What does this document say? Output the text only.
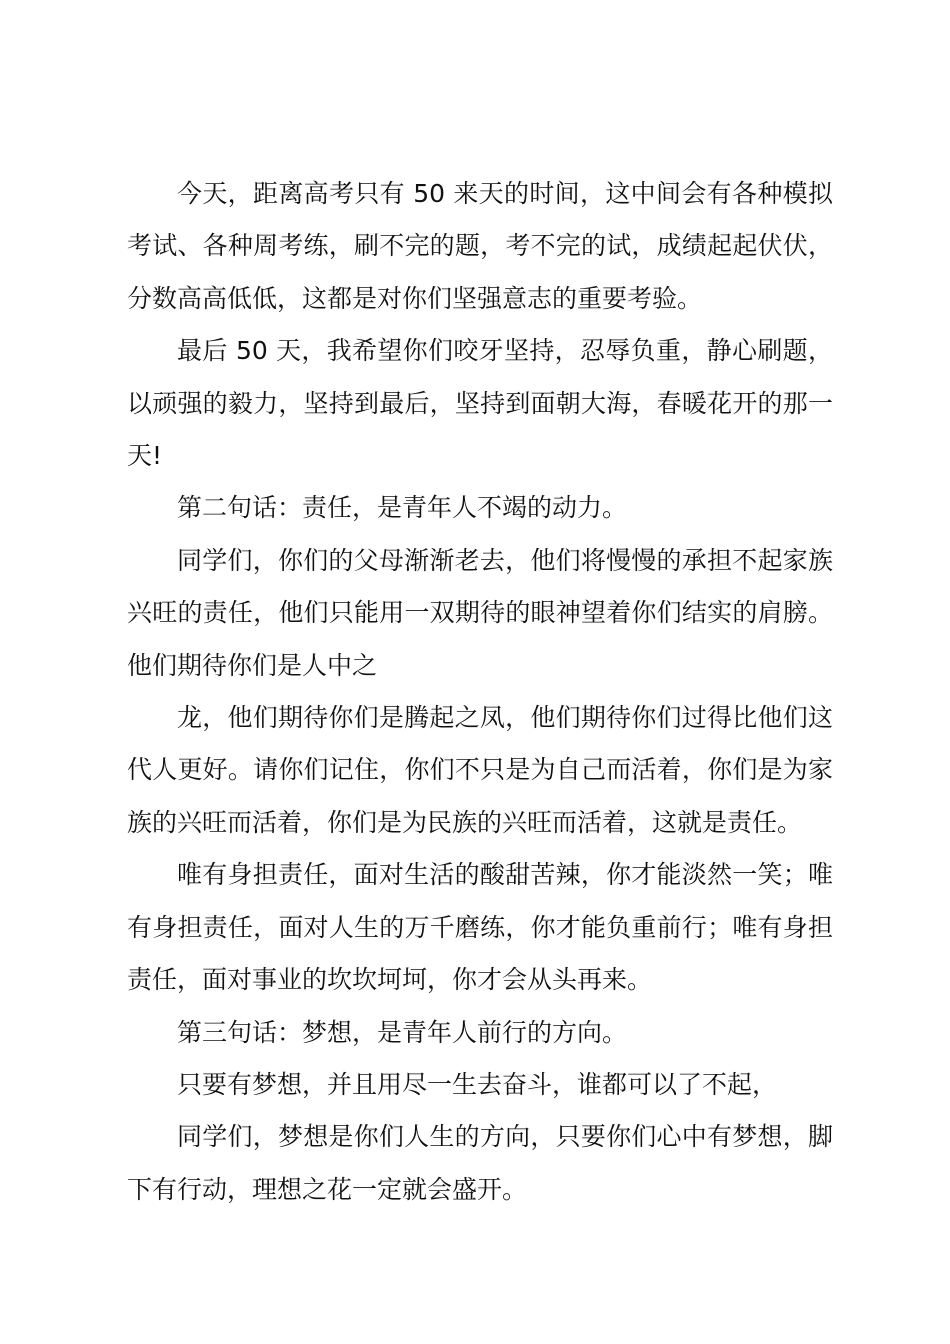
今天，距离高考只有 50 来天的时间，这中间会有各种模拟考试、各种周考练，刷不完的题，考不完的试，成绩起起伏伏，分数高高低低，这都是对你们坚强意志的重要考验。

最后 50 天，我希望你们咬牙坚持，忍辱负重，静心刷题，以顽强的毅力，坚持到最后，坚持到面朝大海，春暖花开的那一天!

第二句话：责任，是青年人不竭的动力。

同学们，你们的父母渐渐老去，他们将慢慢的承担不起家族兴旺的责任，他们只能用一双期待的眼神望着你们结实的肩膀。他们期待你们是人中之

龙，他们期待你们是腾起之凤，他们期待你们过得比他们这代人更好。请你们记住，你们不只是为自己而活着，你们是为家族的兴旺而活着，你们是为民族的兴旺而活着，这就是责任。

唯有身担责任，面对生活的酸甜苦辣，你才能淡然一笑；唯有身担责任，面对人生的万千磨练，你才能负重前行；唯有身担责任，面对事业的坎坎坷坷，你才会从头再来。

第三句话：梦想，是青年人前行的方向。

只要有梦想，并且用尽一生去奋斗，谁都可以了不起，

同学们，梦想是你们人生的方向，只要你们心中有梦想，脚下有行动，理想之花一定就会盛开。
